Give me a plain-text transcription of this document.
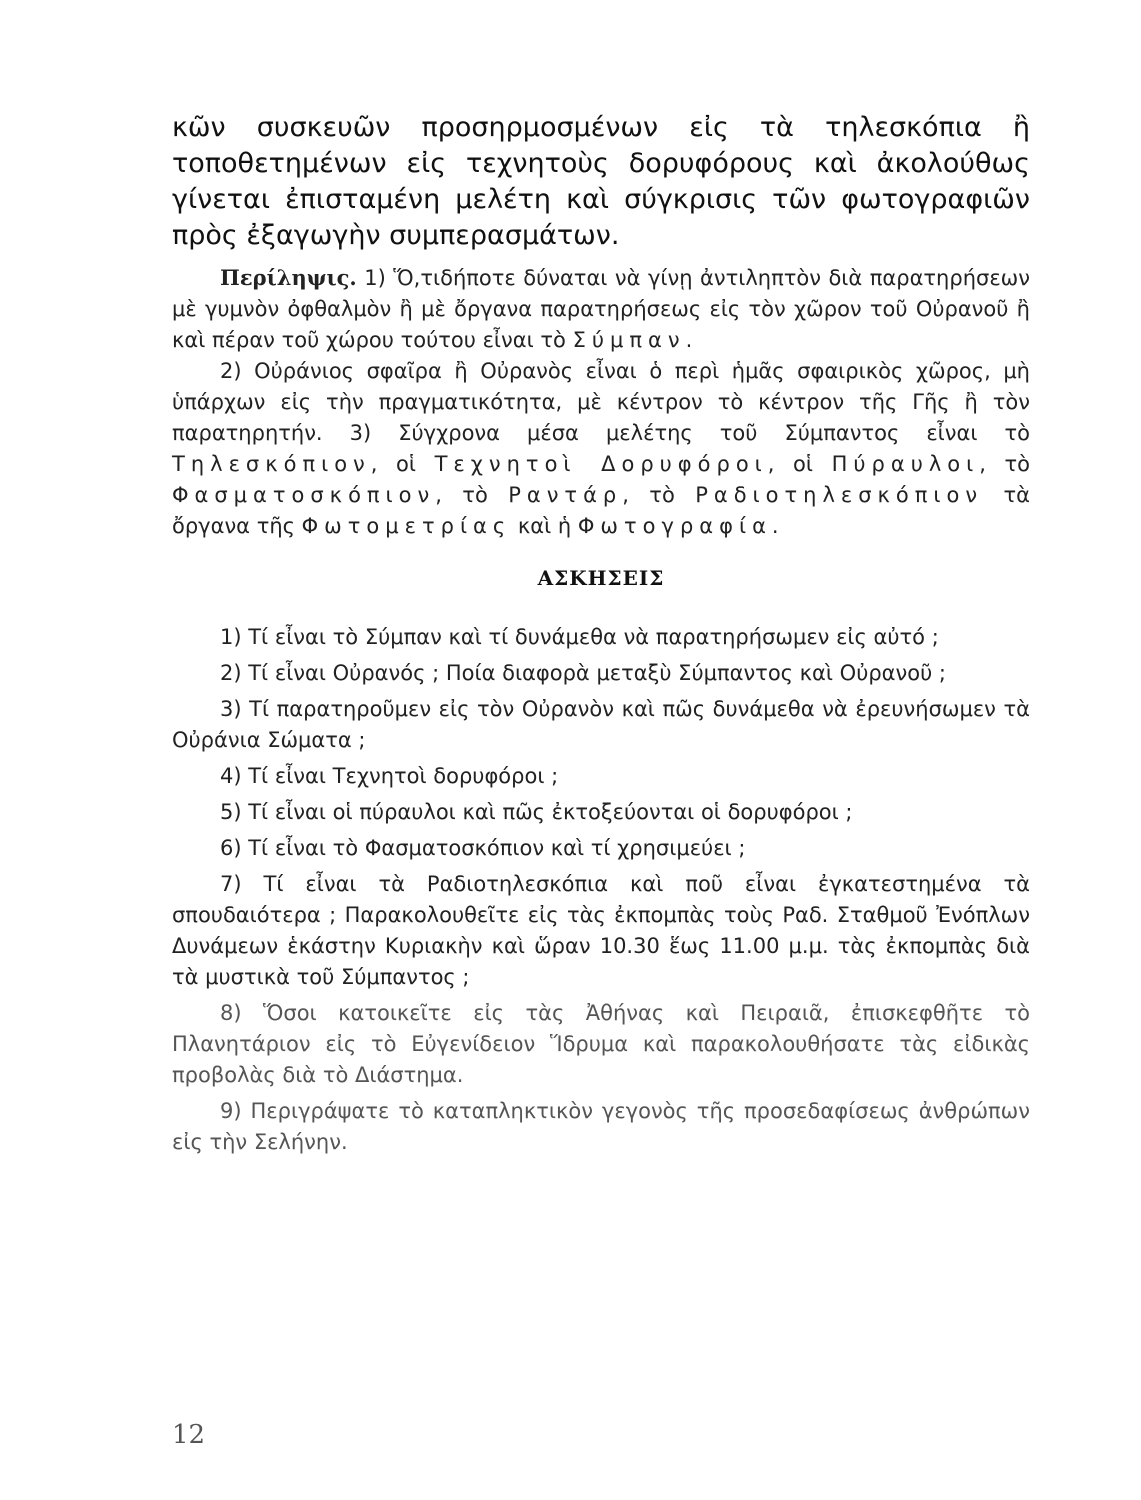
κῶν συσκευῶν προσηρμοσμένων εἰς τὰ τηλεσκόπια ἢ τοποθετημένων εἰς τεχνητοὺς δορυφόρους καὶ ἀκολούθως γίνεται ἐπισταμένη μελέτη καὶ σύγκρισις τῶν φωτογραφιῶν πρὸς ἐξαγωγὴν συμπερασμάτων.

Περίληψις. 1) Ὅ,τιδήποτε δύναται νὰ γίνῃ ἀντιληπτὸν διὰ παρατηρήσεων μὲ γυμνὸν ὀφθαλμὸν ἢ μὲ ὄργανα παρατηρήσεως εἰς τὸν χῶρον τοῦ Οὐρανοῦ ἢ καὶ πέραν τοῦ χώρου τούτου εἶναι τὸ Σύμπαν.

2) Οὐράνιος σφαῖρα ἢ Οὐρανὸς εἶναι ὁ περὶ ἡμᾶς σφαιρικὸς χῶρος, μὴ ὑπάρχων εἰς τὴν πραγματικότητα, μὲ κέντρον τὸ κέντρον τῆς Γῆς ἢ τὸν παρατηρητήν. 3) Σύγχρονα μέσα μελέτης τοῦ Σύμπαντος εἶναι τὸ Τηλεσκόπιον, οἱ Τεχνητοὶ Δορυφόροι, οἱ Πύραυλοι, τὸ Φασματοσκόπιον, τὸ Ραντάρ, τὸ Ραδιοτηλεσκόπιον τὰ ὄργανα τῆς Φωτομετρίας καὶ ἡ Φωτογραφία.

ΑΣΚΗΣΕΙΣ

1) Τί εἶναι τὸ Σύμπαν καὶ τί δυνάμεθα νὰ παρατηρήσωμεν εἰς αὐτό ;

2) Τί εἶναι Οὐρανός ; Ποία διαφορὰ μεταξὺ Σύμπαντος καὶ Οὐρανοῦ ;

3) Τί παρατηροῦμεν εἰς τὸν Οὐρανὸν καὶ πῶς δυνάμεθα νὰ ἐρευνήσωμεν τὰ Οὐράνια Σώματα ;

4) Τί εἶναι Τεχνητοὶ δορυφόροι ;

5) Τί εἶναι οἱ πύραυλοι καὶ πῶς ἐκτοξεύονται οἱ δορυφόροι ;

6) Τί εἶναι τὸ Φασματοσκόπιον καὶ τί χρησιμεύει ;

7) Τί εἶναι τὰ Ραδιοτηλεσκόπια καὶ ποῦ εἶναι ἐγκατεστημένα τὰ σπουδαιότερα ; Παρακολουθεῖτε εἰς τὰς ἐκπομπὰς τοὺς Ραδ. Σταθμοῦ Ἐνόπλων Δυνάμεων ἑκάστην Κυριακὴν καὶ ὥραν 10.30 ἕως 11.00 μ.μ. τὰς ἐκπομπὰς διὰ τὰ μυστικὰ τοῦ Σύμπαντος ;

8) Ὅσοι κατοικεῖτε εἰς τὰς Ἀθήνας καὶ Πειραιᾶ, ἐπισκεφθῆτε τὸ Πλανητάριον εἰς τὸ Εὐγενίδειον Ἵδρυμα καὶ παρακολουθήσατε τὰς εἰδικὰς προβολὰς διὰ τὸ Διάστημα.

9) Περιγράψατε τὸ καταπληκτικὸν γεγονὸς τῆς προσεδαφίσεως ἀνθρώπων εἰς τὴν Σελήνην.

12
